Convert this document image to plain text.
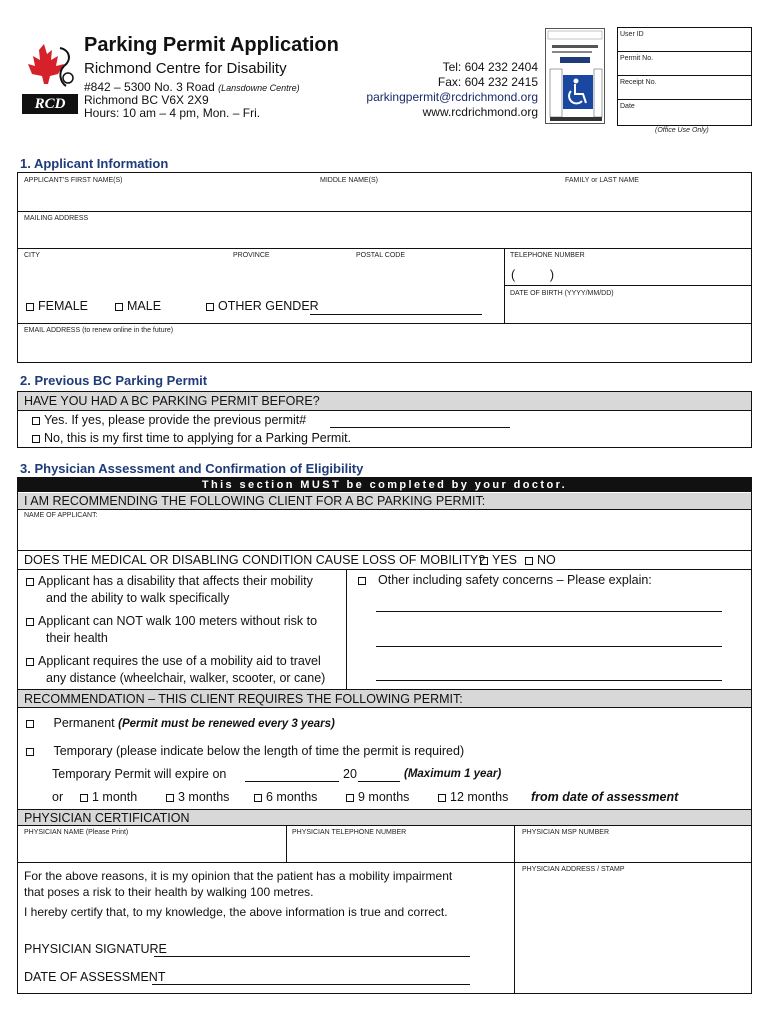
RCD
Parking Permit Application
Richmond Centre for Disability
#842 – 5300 No. 3 Road (Lansdowne Centre)
Richmond BC V6X 2X9
Hours: 10 am – 4 pm, Mon. – Fri.
Tel: 604 232 2404
Fax: 604 232 2415
parkingpermit@rcdrichmond.org
www.rcdrichmond.org
User ID
Permit No.
Receipt No.
Date
(Office Use Only)
1. Applicant Information
APPLICANT'S FIRST NAME(S)	MIDDLE NAME(S)	FAMILY or LAST NAME
MAILING ADDRESS
CITY	PROVINCE	POSTAL CODE	TELEPHONE NUMBER
(          )
FEMALE	MALE	OTHER GENDER
DATE OF BIRTH (YYYY/MM/DD)
EMAIL ADDRESS (to renew online in the future)
2. Previous BC Parking Permit
HAVE YOU HAD A BC PARKING PERMIT BEFORE?
Yes. If yes, please provide the previous permit#
No, this is my first time to applying for a Parking Permit.
3. Physician Assessment and Confirmation of Eligibility
This section MUST be completed by your doctor.
I AM RECOMMENDING THE FOLLOWING CLIENT FOR A BC PARKING PERMIT:
NAME OF APPLICANT:
DOES THE MEDICAL OR DISABLING CONDITION CAUSE LOSS OF MOBILITY? YES	NO
Applicant has a disability that affects their mobility
and the ability to walk specifically
Applicant can NOT walk 100 meters without risk to
their health
Applicant requires the use of a mobility aid to travel
any distance (wheelchair, walker, scooter, or cane)
Other including safety concerns – Please explain:
RECOMMENDATION – THIS CLIENT REQUIRES THE FOLLOWING PERMIT:
Permanent (Permit must be renewed every 3 years)
Temporary (please indicate below the length of time the permit is required)
Temporary Permit will expire on	20	(Maximum 1 year)
or	1 month	3 months	6 months	9 months	12 months from date of assessment
PHYSICIAN CERTIFICATION
PHYSICIAN NAME (Please Print)	PHYSICIAN TELEPHONE NUMBER	PHYSICIAN MSP NUMBER
PHYSICIAN ADDRESS / STAMP
For the above reasons, it is my opinion that the patient has a mobility impairment
that poses a risk to their health by walking 100 metres.
I hereby certify that, to my knowledge, the above information is true and correct.
PHYSICIAN SIGNATURE
DATE OF ASSESSMENT
